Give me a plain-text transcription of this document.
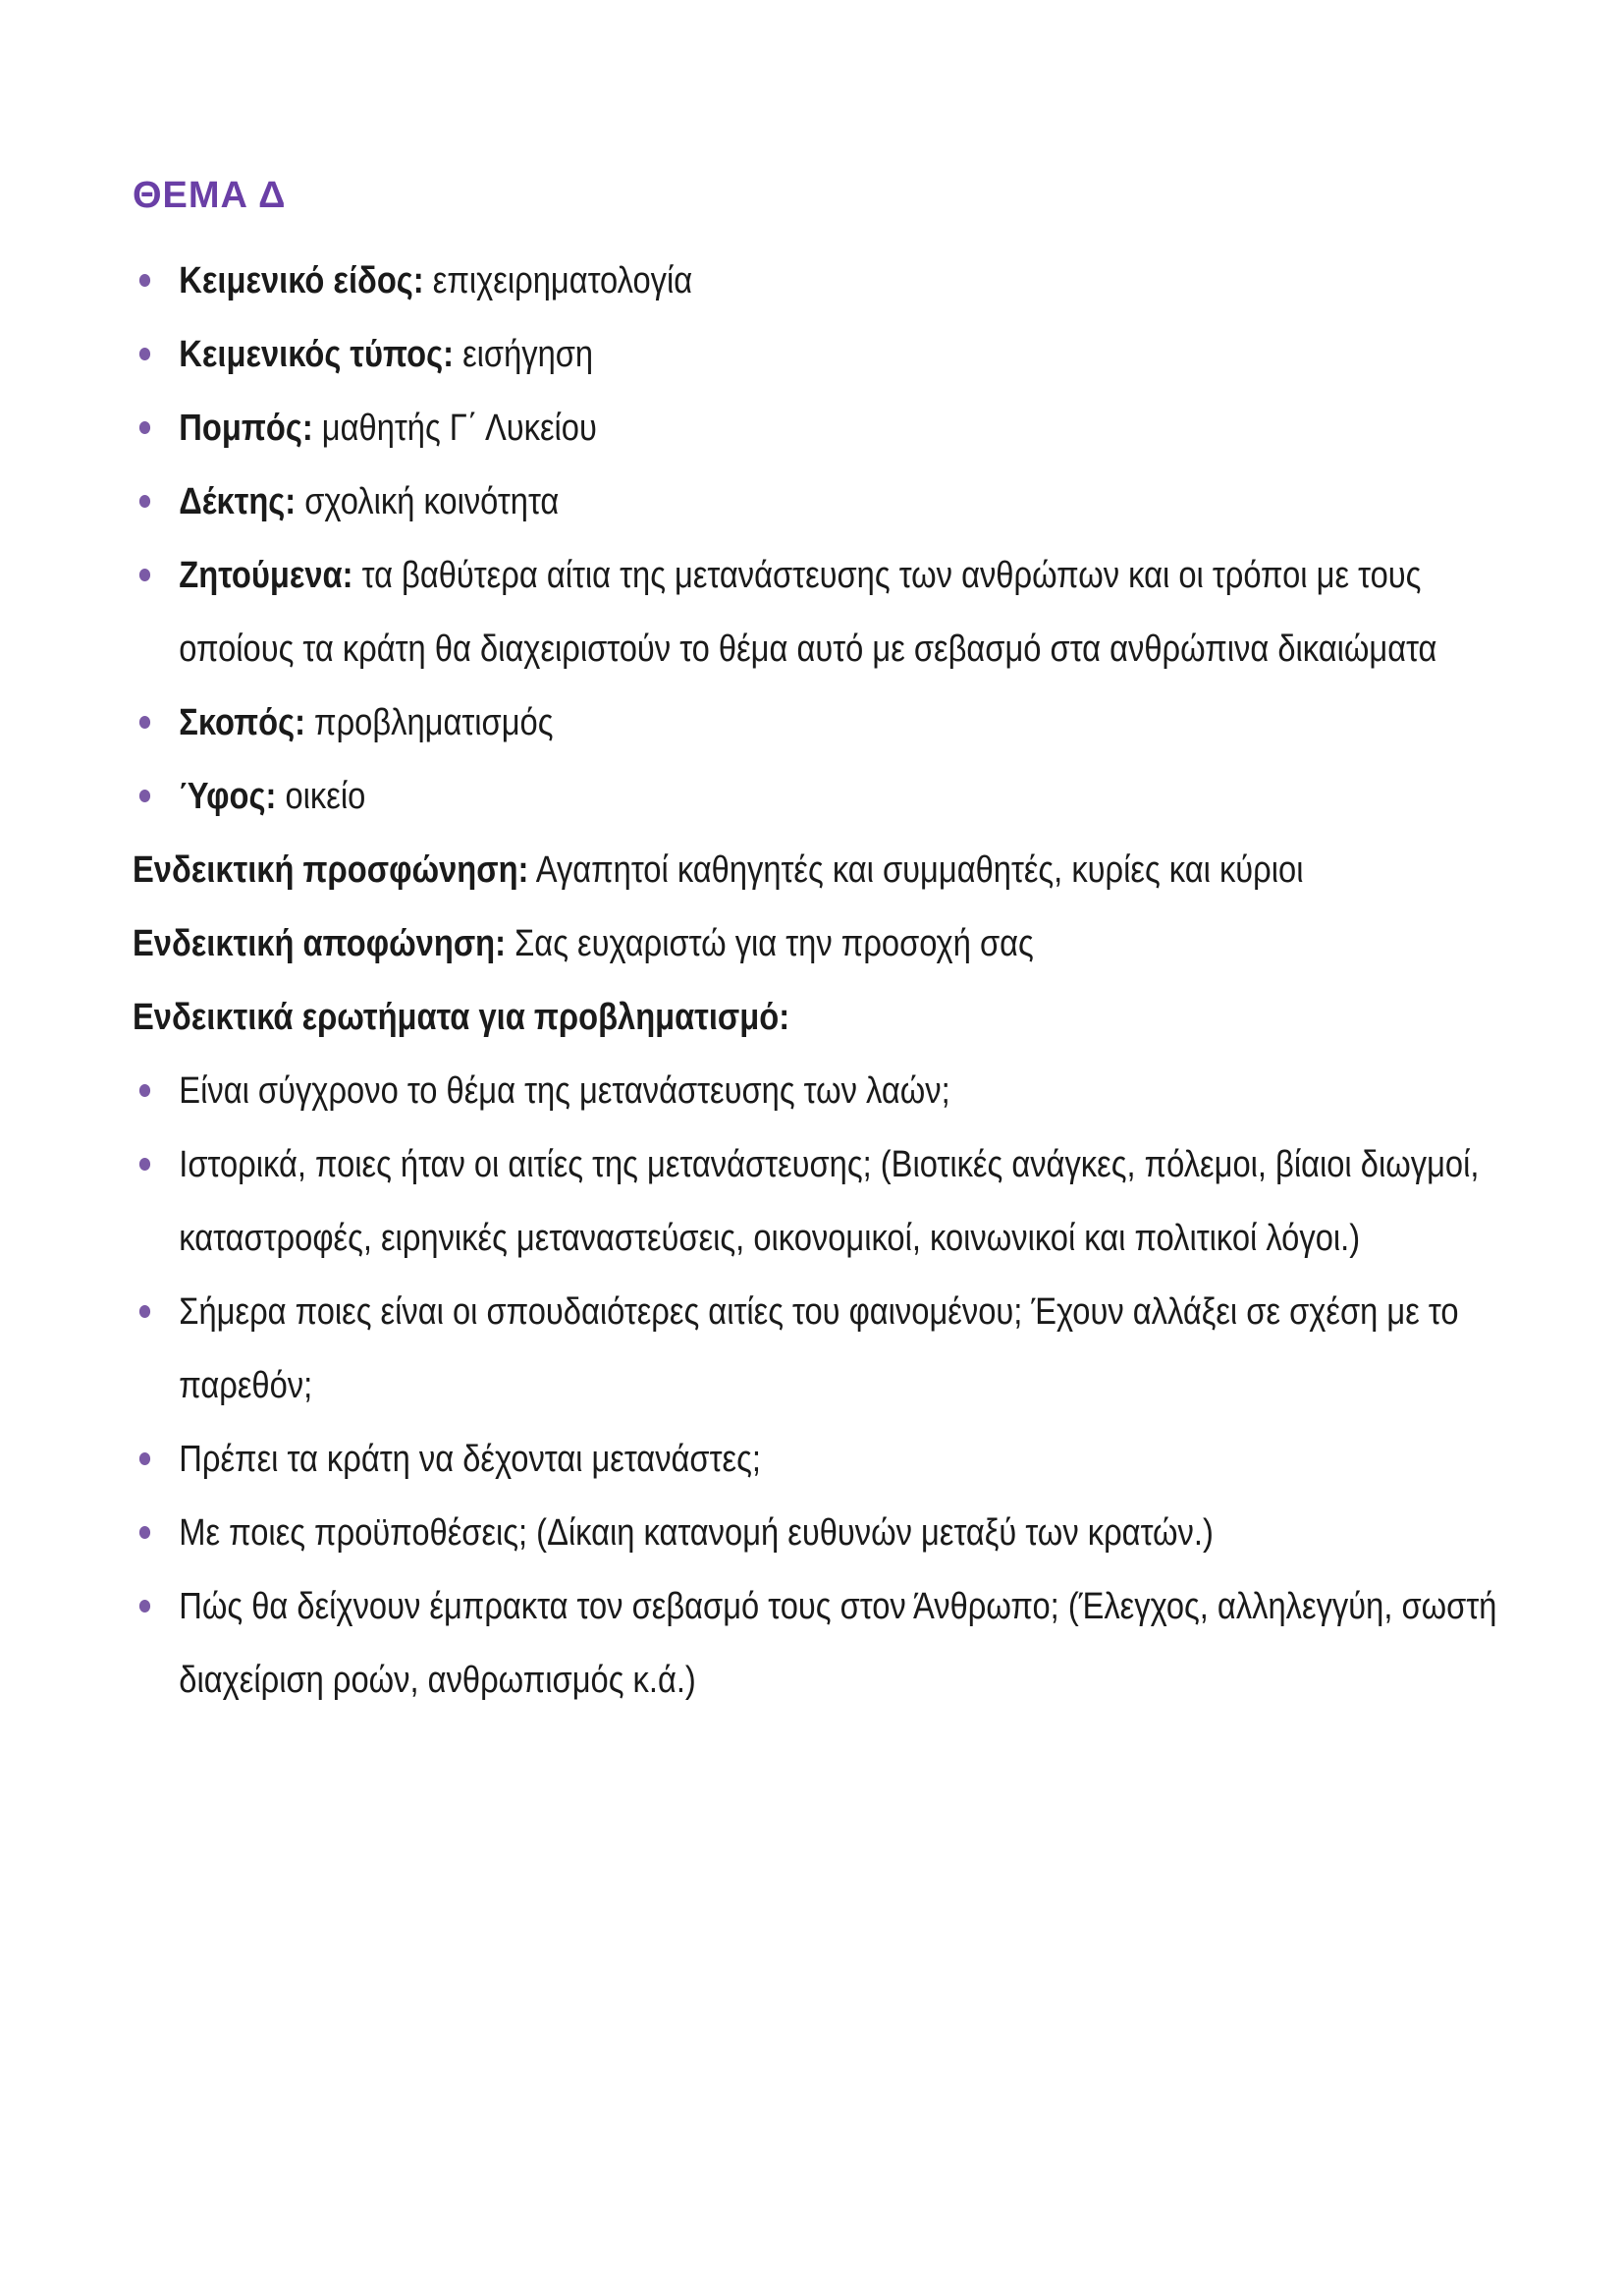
ΘΕΜΑ Δ
Κειμενικό είδος: επιχειρηματολογία
Κειμενικός τύπος: εισήγηση
Πομπός: μαθητής Γ΄ Λυκείου
Δέκτης: σχολική κοινότητα
Ζητούμενα: τα βαθύτερα αίτια της μετανάστευσης των ανθρώπων και οι τρόποι με τους οποίους τα κράτη θα διαχειριστούν το θέμα αυτό με σεβασμό στα ανθρώπινα δικαιώματα
Σκοπός: προβληματισμός
Ύφος: οικείο
Ενδεικτική προσφώνηση: Αγαπητοί καθηγητές και συμμαθητές, κυρίες και κύριοι
Ενδεικτική αποφώνηση: Σας ευχαριστώ για την προσοχή σας
Ενδεικτικά ερωτήματα για προβληματισμό:
Είναι σύγχρονο το θέμα της μετανάστευσης των λαών;
Ιστορικά, ποιες ήταν οι αιτίες της μετανάστευσης; (Βιοτικές ανάγκες, πόλεμοι, βίαιοι διωγμοί, καταστροφές, ειρηνικές μεταναστεύσεις, οικονομικοί, κοινωνικοί και πολιτικοί λόγοι.)
Σήμερα ποιες είναι οι σπουδαιότερες αιτίες του φαινομένου; Έχουν αλλάξει σε σχέση με το παρεθόν;
Πρέπει τα κράτη να δέχονται μετανάστες;
Με ποιες προϋποθέσεις; (Δίκαιη κατανομή ευθυνών μεταξύ των κρατών.)
Πώς θα δείχνουν έμπρακτα τον σεβασμό τους στον Άνθρωπο; (Έλεγχος, αλληλεγγύη, σωστή διαχείριση ροών, ανθρωπισμός κ.ά.)
